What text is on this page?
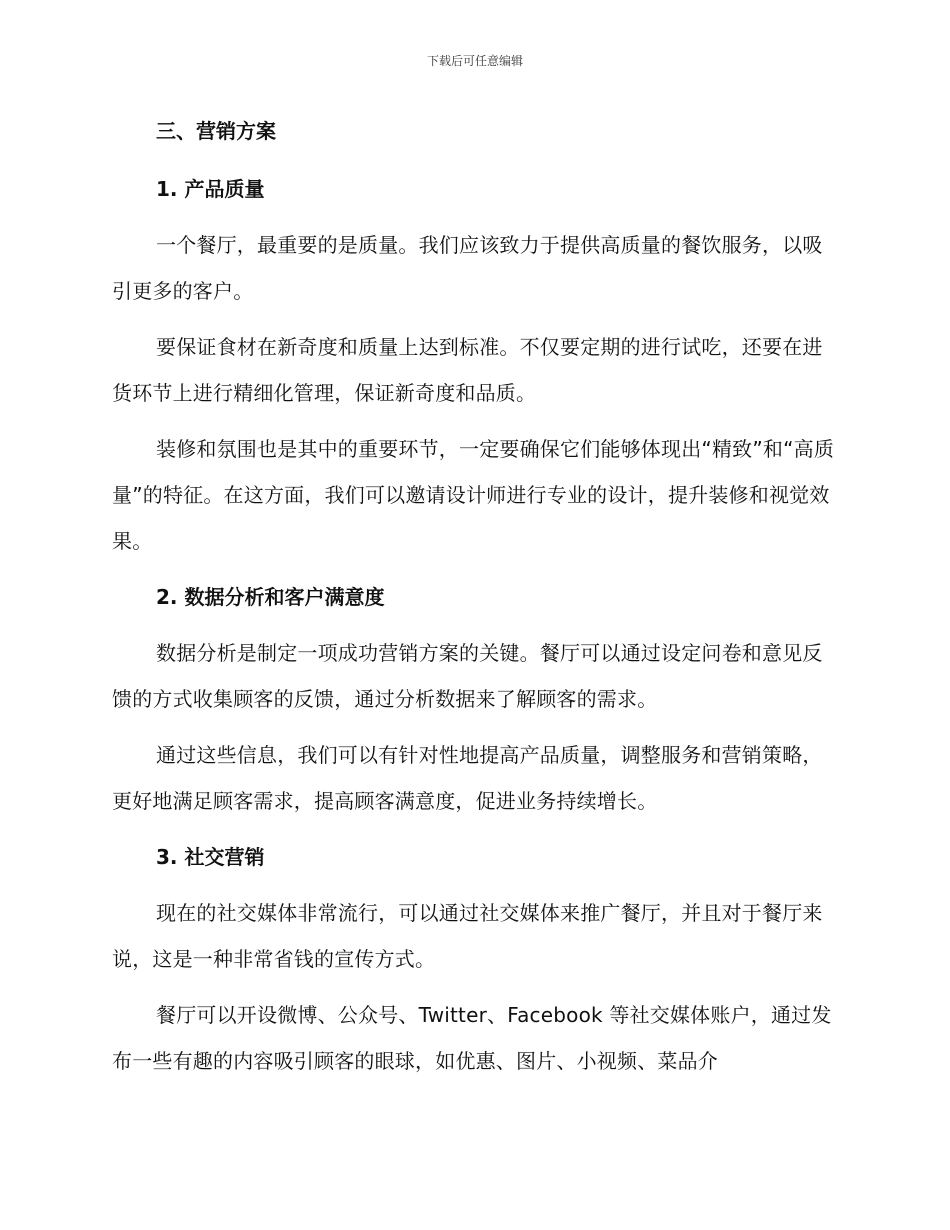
下载后可任意编辑
三、营销方案
1. 产品质量

一个餐厅，最重要的是质量。我们应该致力于提供高质量的餐饮服务，以吸引更多的客户。

要保证食材在新奇度和质量上达到标准。不仅要定期的进行试吃，还要在进货环节上进行精细化管理，保证新奇度和品质。

装修和氛围也是其中的重要环节，一定要确保它们能够体现出“精致”和“高质量”的特征。在这方面，我们可以邀请设计师进行专业的设计，提升装修和视觉效果。

2. 数据分析和客户满意度

数据分析是制定一项成功营销方案的关键。餐厅可以通过设定问卷和意见反馈的方式收集顾客的反馈，通过分析数据来了解顾客的需求。

通过这些信息，我们可以有针对性地提高产品质量，调整服务和营销策略，更好地满足顾客需求，提高顾客满意度，促进业务持续增长。

3. 社交营销

现在的社交媒体非常流行，可以通过社交媒体来推广餐厅，并且对于餐厅来说，这是一种非常省钱的宣传方式。

餐厅可以开设微博、公众号、Twitter、Facebook 等社交媒体账户，通过发布一些有趣的内容吸引顾客的眼球，如优惠、图片、小视频、菜品介
